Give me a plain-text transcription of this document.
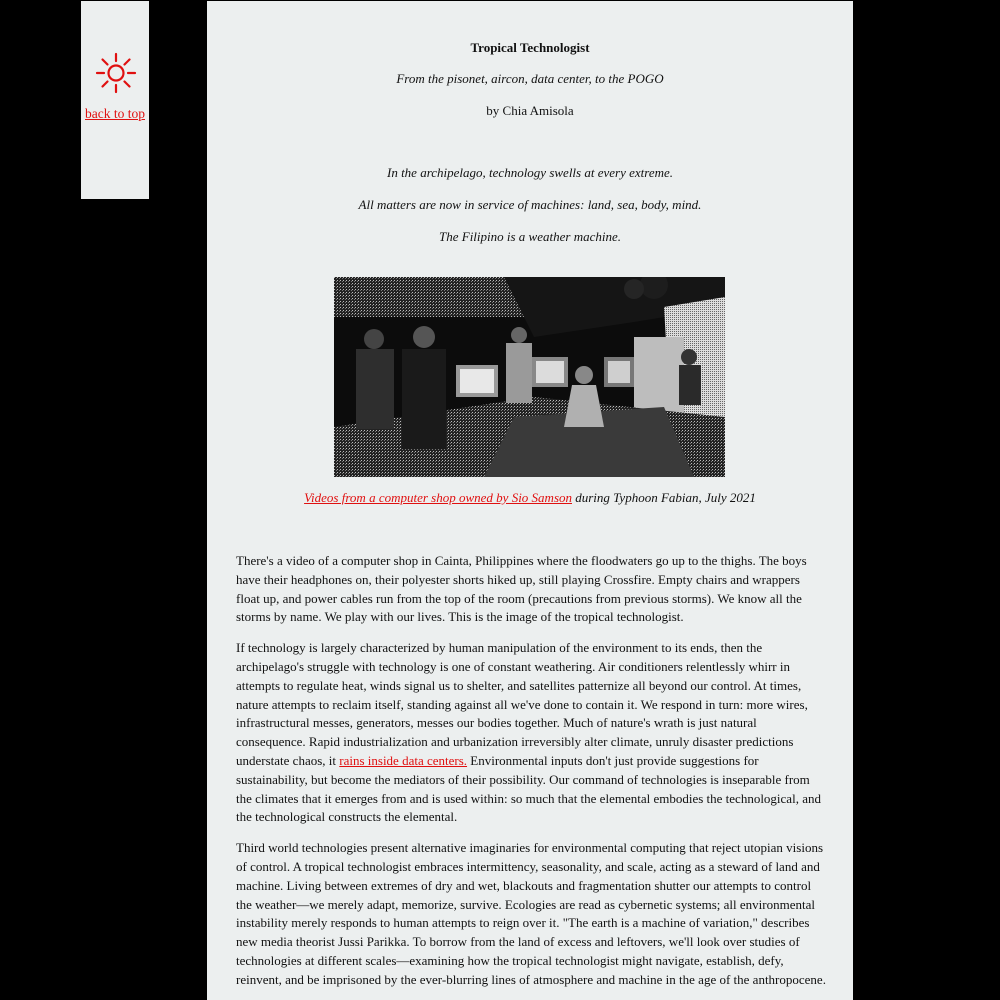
back to top
Tropical Technologist
From the pisonet, aircon, data center, to the POGO
by Chia Amisola
In the archipelago, technology swells at every extreme.
All matters are now in service of machines: land, sea, body, mind.
The Filipino is a weather machine.
Videos from a computer shop owned by Sio Samson during Typhoon Fabian, July 2021

There's a video of a computer shop in Cainta, Philippines where the floodwaters go up to the thighs. The boys have their headphones on, their polyester shorts hiked up, still playing Crossfire. Empty chairs and wrappers float up, and power cables run from the top of the room (precautions from previous storms). We know all the storms by name. We play with our lives. This is the image of the tropical technologist.

If technology is largely characterized by human manipulation of the environment to its ends, then the archipelago's struggle with technology is one of constant weathering. Air conditioners relentlessly whirr in attempts to regulate heat, winds signal us to shelter, and satellites patternize all beyond our control. At times, nature attempts to reclaim itself, standing against all we've done to contain it. We respond in turn: more wires, infrastructural messes, generators, messes our bodies together. Much of nature's wrath is just natural consequence. Rapid industrialization and urbanization irreversibly alter climate, unruly disaster predictions understate chaos, it rains inside data centers. Environmental inputs don't just provide suggestions for sustainability, but become the mediators of their possibility. Our command of technologies is inseparable from the climates that it emerges from and is used within: so much that the elemental embodies the technological, and the technological constructs the elemental.

Third world technologies present alternative imaginaries for environmental computing that reject utopian visions of control. A tropical technologist embraces intermittency, seasonality, and scale, acting as a steward of land and machine. Living between extremes of dry and wet, blackouts and fragmentation shutter our attempts to control the weather—we merely adapt, memorize, survive. Ecologies are read as cybernetic systems; all environmental instability merely responds to human attempts to reign over it. "The earth is a machine of variation," describes new media theorist Jussi Parikka. To borrow from the land of excess and leftovers, we'll look over studies of technologies at different scales—examining how the tropical technologist might navigate, establish, defy, reinvent, and be imprisoned by the ever-blurring lines of atmosphere and machine in the age of the anthropocene.
